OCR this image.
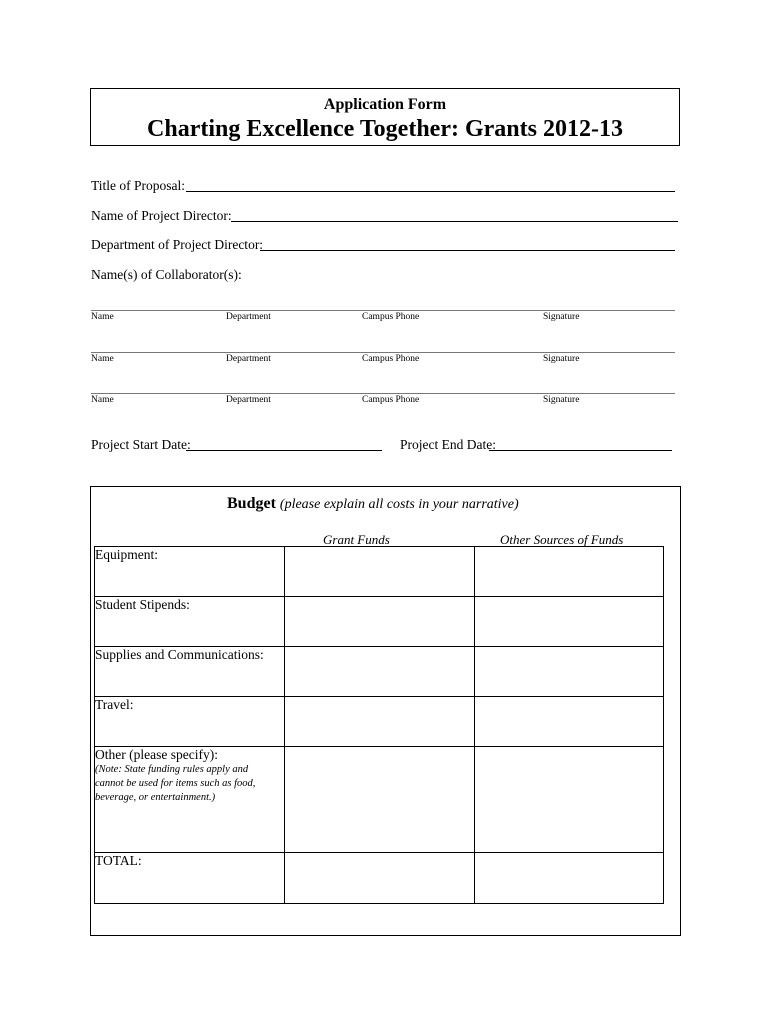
Application Form
Charting Excellence Together: Grants 2012-13
Title of Proposal:
Name of Project Director:
Department of Project Director:
Name(s) of Collaborator(s):
Name	Department	Campus Phone	Signature
Name	Department	Campus Phone	Signature
Name	Department	Campus Phone	Signature
Project Start Date:	Project End Date:
Budget (please explain all costs in your narrative)
Grant Funds	Other Sources of Funds
Equipment:		
Student Stipends:		
Supplies and Communications:		
Travel:		

Other (please specify):
(Note: State funding rules apply and cannot be used for items such as food, beverage, or entertainment.)		

TOTAL:		
